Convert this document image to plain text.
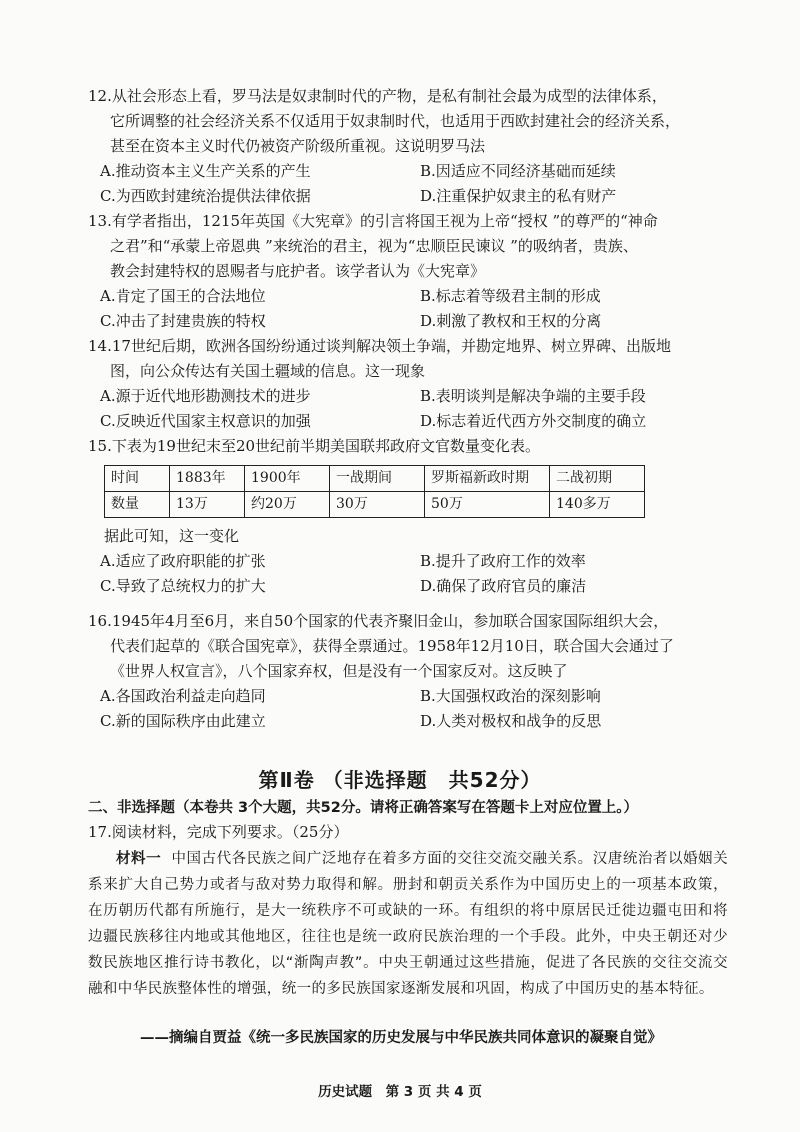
12.从社会形态上看，罗马法是奴隶制时代的产物，是私有制社会最为成型的法律体系，
它所调整的社会经济关系不仅适用于奴隶制时代，也适用于西欧封建社会的经济关系，
甚至在资本主义时代仍被资产阶级所重视。这说明罗马法
A.推动资本主义生产关系的产生	B.因适应不同经济基础而延续
C.为西欧封建统治提供法律依据	D.注重保护奴隶主的私有财产
13.有学者指出，1215年英国《大宪章》的引言将国王视为上帝“授权 ”的尊严的“神命
之君”和“承蒙上帝恩典 ”来统治的君主，视为“忠顺臣民谏议 ”的吸纳者，贵族、
教会封建特权的恩赐者与庇护者。该学者认为《大宪章》
A.肯定了国王的合法地位	B.标志着等级君主制的形成
C.冲击了封建贵族的特权	D.刺激了教权和王权的分离
14.17世纪后期，欧洲各国纷纷通过谈判解决领土争端，并勘定地界、树立界碑、出版地
图，向公众传达有关国土疆域的信息。这一现象
A.源于近代地形勘测技术的进步	B.表明谈判是解决争端的主要手段
C.反映近代国家主权意识的加强	D.标志着近代西方外交制度的确立
15.下表为19世纪末至20世纪前半期美国联邦政府文官数量变化表。
时间	1883年	1900年	一战期间	罗斯福新政时期	二战初期
数量	13万	约20万	30万	50万	140多万
据此可知，这一变化
A.适应了政府职能的扩张	B.提升了政府工作的效率
C.导致了总统权力的扩大	D.确保了政府官员的廉洁
16.1945年4月至6月，来自50个国家的代表齐聚旧金山，参加联合国家国际组织大会，
代表们起草的《联合国宪章》，获得全票通过。1958年12月10日，联合国大会通过了
《世界人权宣言》，八个国家弃权，但是没有一个国家反对。这反映了
A.各国政治利益走向趋同	B.大国强权政治的深刻影响
C.新的国际秩序由此建立	D.人类对极权和战争的反思
第Ⅱ卷 （非选择题　共52分）
二、非选择题（本卷共 3个大题，共52分。请将正确答案写在答题卡上对应位置上。）
17.阅读材料，完成下列要求。（25分）
材料一 中国古代各民族之间广泛地存在着多方面的交往交流交融关系。汉唐统治者以婚姻关系来扩大自己势力或者与敌对势力取得和解。册封和朝贡关系作为中国历史上的一项基本政策，在历朝历代都有所施行，是大一统秩序不可或缺的一环。有组织的将中原居民迁徙边疆屯田和将边疆民族移往内地或其他地区，往往也是统一政府民族治理的一个手段。此外，中央王朝还对少数民族地区推行诗书教化，以“渐陶声教”。中央王朝通过这些措施，促进了各民族的交往交流交融和中华民族整体性的增强，统一的多民族国家逐渐发展和巩固，构成了中国历史的基本特征。
——摘编自贾益《统一多民族国家的历史发展与中华民族共同体意识的凝聚自觉》
历史试题　第 3 页 共 4 页
